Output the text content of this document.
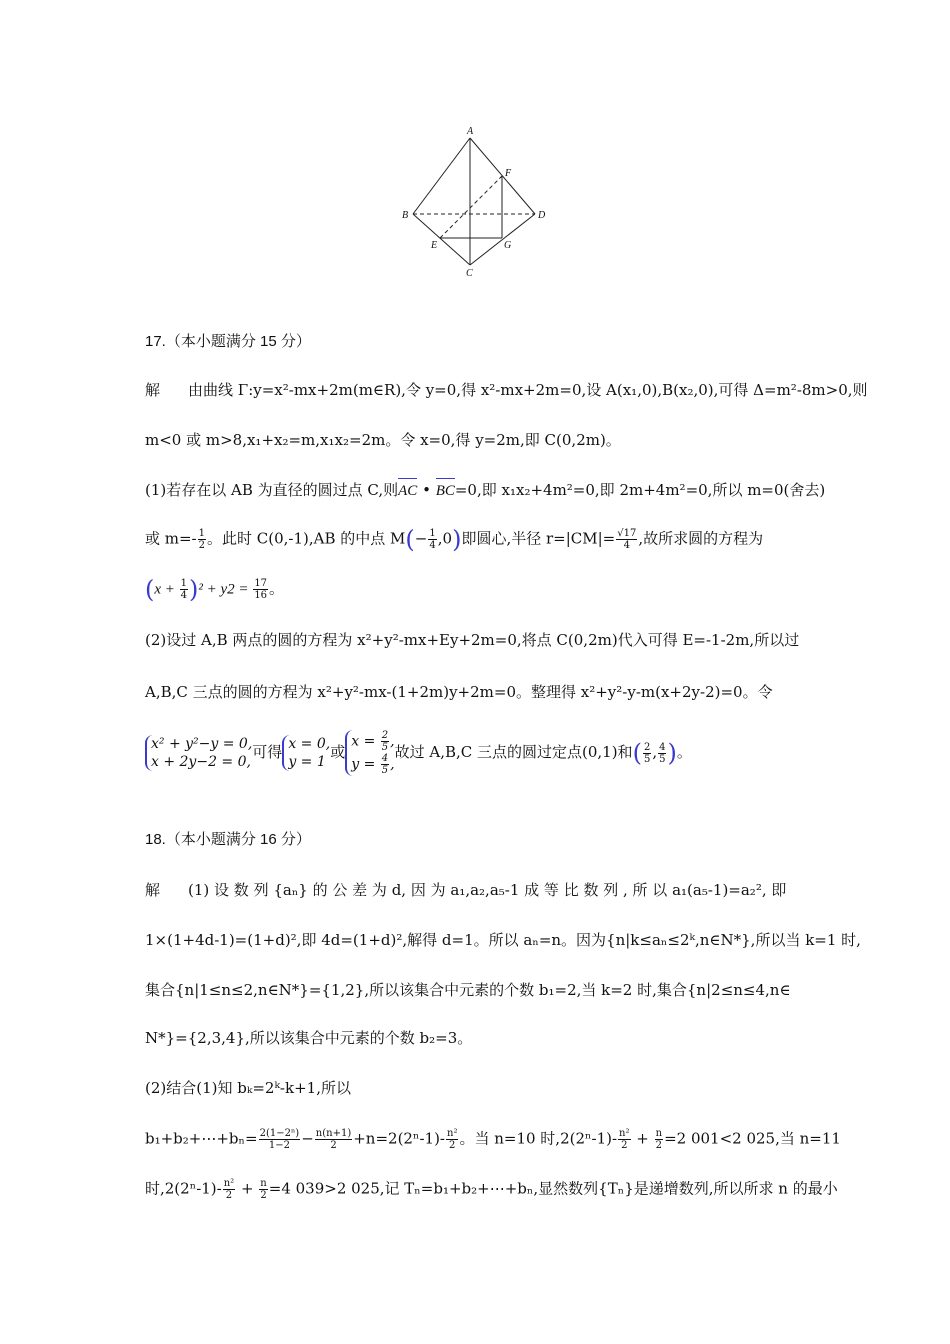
A
B
C
D
E
F
G
17.（本小题满分 15 分）
解 由曲线 Γ:y=x²-mx+2m(m∈R),令 y=0,得 x²-mx+2m=0,设 A(x₁,0),B(x₂,0),可得 Δ=m²-8m>0,则
m<0 或 m>8,x₁+x₂=m,x₁x₂=2m。令 x=0,得 y=2m,即 C(0,2m)。
(1)若存在以 AB 为直径的圆过点 C,则AC • BC=0,即 x₁x₂+4m²=0,即 2m+4m²=0,所以 m=0(舍去)
或 $m=- \frac{1}{2}$ 。此时 C(0,-1),AB 的中点 $M(- \frac{1}{4} ,0)$即圆心,半径 $r=|CM|= \frac{√17}{4}$ ,故所求圆的方程为
$(x + \frac{1}{4} )^2 + y2 = \frac{17}{16}$ 。
(2)设过 A,B 两点的圆的方程为 x²+y²-mx+Ey+2m=0,将点 C(0,2m)代入可得 E=-1-2m,所以过
A,B,C 三点的圆的方程为 x²+y²-mx-(1+2m)y+2m=0。整理得 x²+y²-y-m(x+2y-2)=0。令
x² + y²−y = 0,
x + 2y−2 = 0,
可得 x = 0,
y = 1
或
$x = \frac{2}{5}$ ,
$y = \frac{4}{5}$ ,
故过 A,B,C 三点的圆过定点(0,1)和( $\frac{2}{5}$ , $\frac{4}{5}$ )。
18.（本小题满分 16 分）
解 (1) 设 数 列 {aₙ} 的 公 差 为 d, 因 为 a₁,a₂,a₅-1 成 等 比 数 列 , 所 以 a₁(a₅-1)=a₂², 即
1×(1+4d-1)=(1+d)²,即 4d=(1+d)²,解得 d=1。所以 aₙ=n。因为{n|k≤aₙ≤2ᵏ,n∈N*},所以当 k=1 时,
集合{n|1≤n≤2,n∈N*}={1,2},所以该集合中元素的个数 b₁=2,当 k=2 时,集合{n|2≤n≤4,n∈
N*}={2,3,4},所以该集合中元素的个数 b₂=3。
(2)结合(1)知 bₖ=2ᵏ-k+1,所以
b₁+b₂+⋯+bₙ= $\frac{\text{2(1−2ⁿ)}}{1-2} - \frac{n(n+1)}{2} +n=2(2^n-1)- \frac{\text{n²}}{2}$ 。当 n=10 时$,2(2^n-1)- \frac{\text{n²}}{2} + \frac{n}{2} =2$ 001<2 025,当 n=11
时$,2(2^n-1)- \frac{\text{n²}}{2} + \frac{n}{2} =4$ 039>2 025,记 Tₙ=b₁+b₂+⋯+bₙ,显然数列{Tₙ}是递增数列,所以所求 n 的最小
